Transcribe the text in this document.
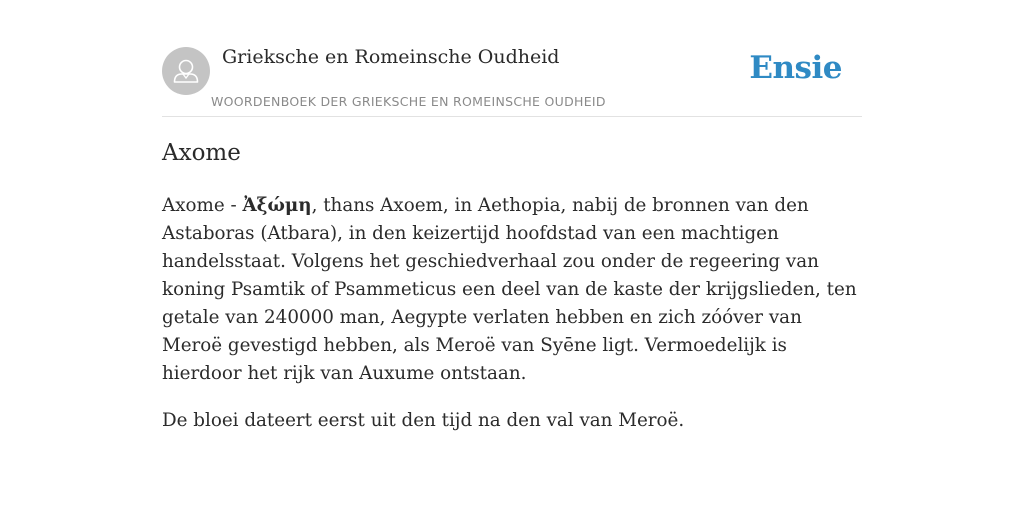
Grieksche en Romeinsche Oudheid
WOORDENBOEK DER GRIEKSCHE EN ROMEINSCHE OUDHEID
Ensie
Axome

Axome - Ἀξώμη, thans Axoem, in Aethopia, nabij de bronnen van den Astaboras (Atbara), in den keizertijd hoofdstad van een machtigen handelsstaat. Volgens het geschiedverhaal zou onder de regeering van koning Psamtik of Psammeticus een deel van de kaste der krijgslieden, ten getale van 240000 man, Aegypte verlaten hebben en zich zóóver van Meroë gevestigd hebben, als Meroë van Syēne ligt. Vermoedelijk is hierdoor het rijk van Auxume ontstaan.

De bloei dateert eerst uit den tijd na den val van Meroë.
